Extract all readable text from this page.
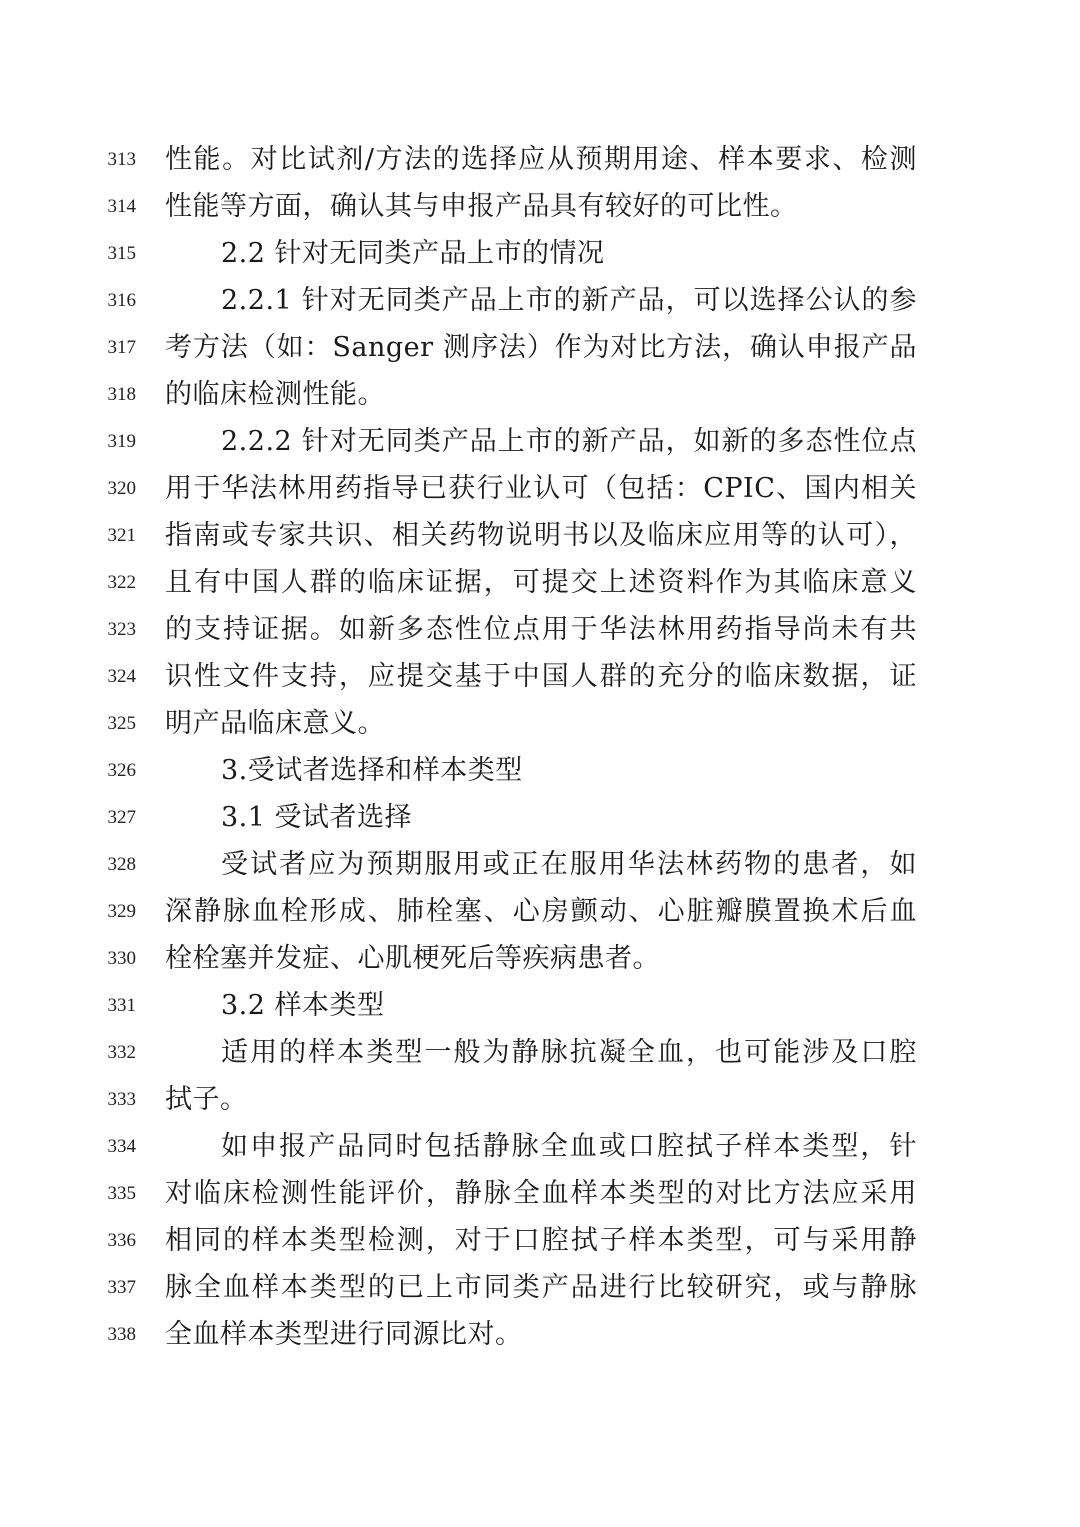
313 性能。对比试剂/方法的选择应从预期用途、样本要求、检测
314 性能等方面，确认其与申报产品具有较好的可比性。
315	2.2 针对无同类产品上市的情况
316	2.2.1 针对无同类产品上市的新产品，可以选择公认的参
317 考方法（如：Sanger 测序法）作为对比方法，确认申报产品
318 的临床检测性能。
319	2.2.2 针对无同类产品上市的新产品，如新的多态性位点
320 用于华法林用药指导已获行业认可（包括：CPIC、国内相关
321 指南或专家共识、相关药物说明书以及临床应用等的认可），
322 且有中国人群的临床证据，可提交上述资料作为其临床意义
323 的支持证据。如新多态性位点用于华法林用药指导尚未有共
324 识性文件支持，应提交基于中国人群的充分的临床数据，证
325 明产品临床意义。
326	3.受试者选择和样本类型
327	3.1 受试者选择
328	受试者应为预期服用或正在服用华法林药物的患者，如
329 深静脉血栓形成、肺栓塞、心房颤动、心脏瓣膜置换术后血
330 栓栓塞并发症、心肌梗死后等疾病患者。
331	3.2 样本类型
332	适用的样本类型一般为静脉抗凝全血，也可能涉及口腔
333 拭子。
334	如申报产品同时包括静脉全血或口腔拭子样本类型，针
335 对临床检测性能评价，静脉全血样本类型的对比方法应采用
336 相同的样本类型检测，对于口腔拭子样本类型，可与采用静
337 脉全血样本类型的已上市同类产品进行比较研究，或与静脉
338 全血样本类型进行同源比对。
